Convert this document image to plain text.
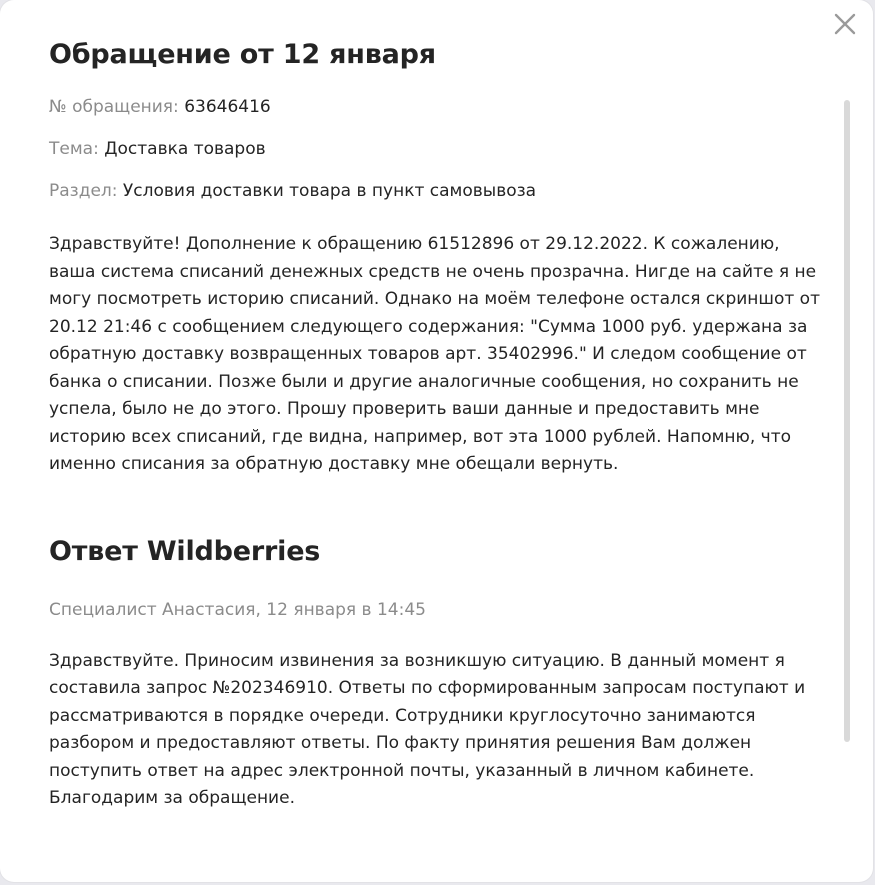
Обращение от 12 января
№ обращения: 63646416
Тема: Доставка товаров
Раздел: Условия доставки товара в пункт самовывоза

Здравствуйте! Дополнение к обращению 61512896 от 29.12.2022. К сожалению, ваша система списаний денежных средств не очень прозрачна. Нигде на сайте я не могу посмотреть историю списаний. Однако на моём телефоне остался скриншот от 20.12 21:46 с сообщением следующего содержания: "Сумма 1000 руб. удержана за обратную доставку возвращенных товаров арт. 35402996." И следом сообщение от банка о списании. Позже были и другие аналогичные сообщения, но сохранить не успела, было не до этого. Прошу проверить ваши данные и предоставить мне историю всех списаний, где видна, например, вот эта 1000 рублей. Напомню, что именно списания за обратную доставку мне обещали вернуть.

Ответ Wildberries
Специалист Анастасия, 12 января в 14:45

Здравствуйте. Приносим извинения за возникшую ситуацию. В данный момент я составила запрос №202346910. Ответы по сформированным запросам поступают и рассматриваются в порядке очереди. Сотрудники круглосуточно занимаются разбором и предоставляют ответы. По факту принятия решения Вам должен поступить ответ на адрес электронной почты, указанный в личном кабинете. Благодарим за обращение.
